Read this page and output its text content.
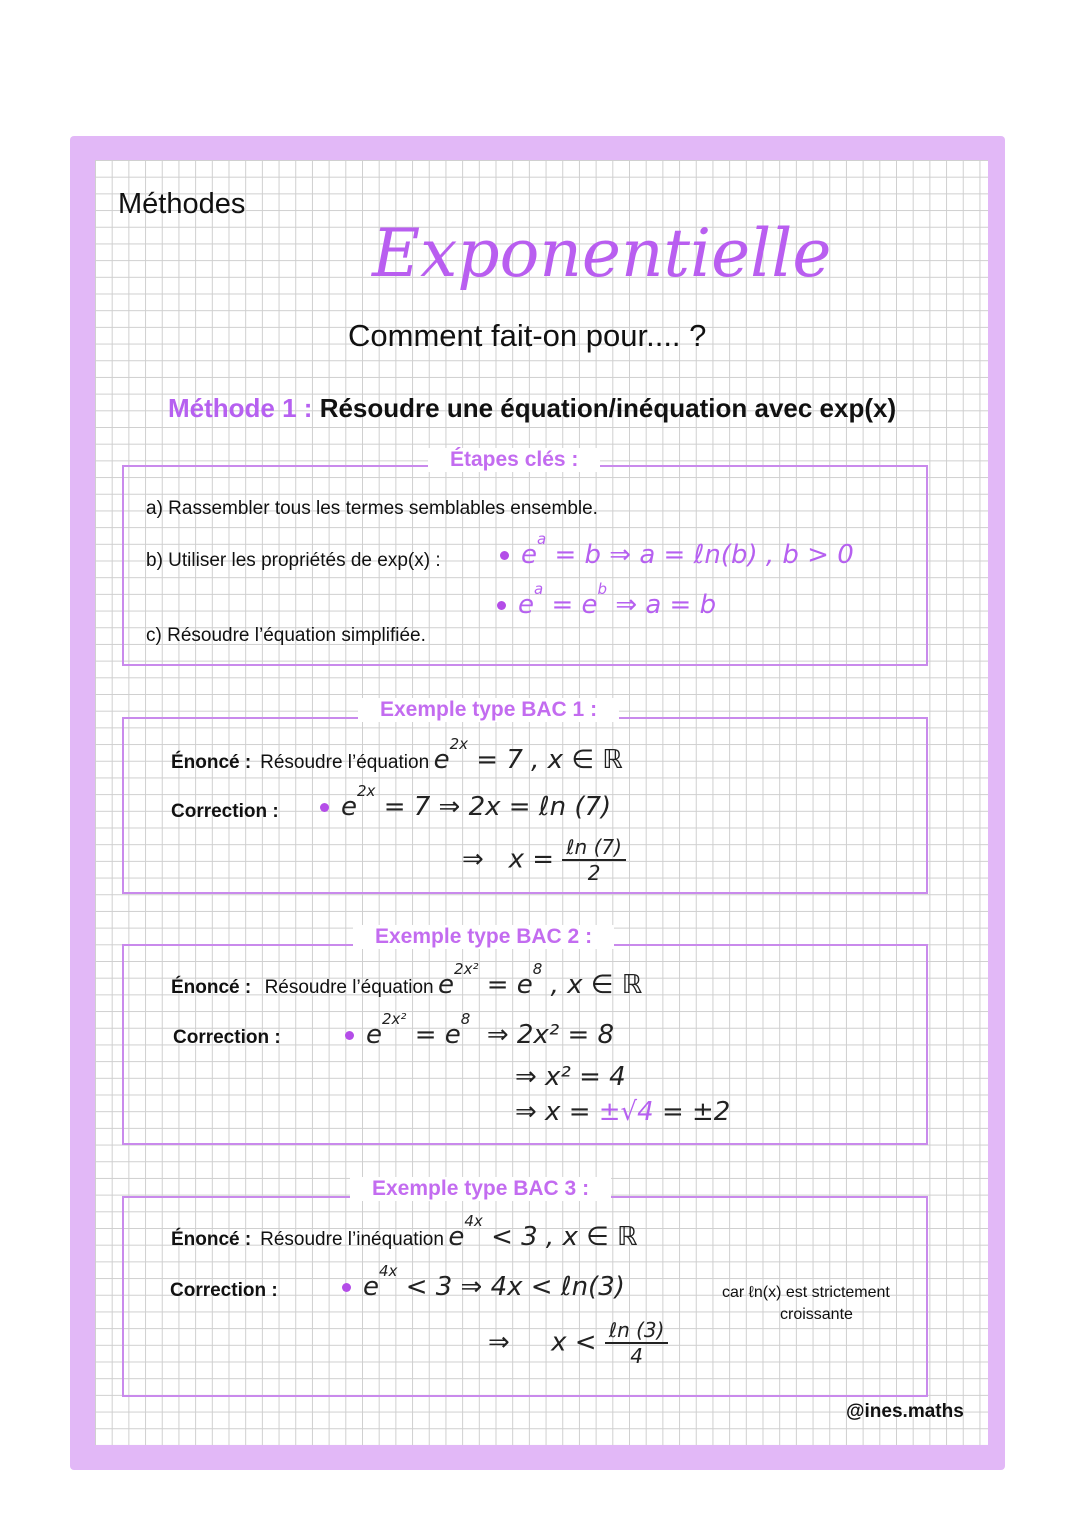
Méthodes
Exponentielle
Comment fait-on pour.... ?
Méthode 1 : Résoudre une équation/inéquation avec exp(x)
Étapes clés :
a) Rassembler tous les termes semblables ensemble.
b) Utiliser les propriétés de exp(x) :
c) Résoudre l’équation simplifiée.
$e^a = b$ ⇒ a = ℓn(b) , b > 0
$e^a = e^b$ ⇒ a = b
Exemple type BAC 1 :
Énoncé : Résoudre l’équation $e^{2x} = 7$ , x ∈ ℝ
Correction :	$e^{2x} = 7$ ⇒ 2x = ℓn (7)
⇒ $x = \frac{\text{ℓn (7)}}{2}$
Exemple type BAC 2 :
Énoncé : Résoudre l’équation $e^{2x^2} = e^8$ , x ∈ ℝ
Correction :	$e^{2x^2} = e^8$  ⇒ 2x² = 8
⇒ x² = 4
⇒ x = ±√4 = ±2
Exemple type BAC 3 :
Énoncé : Résoudre l’inéquation $e^{4x} < 3$ , x ∈ ℝ
Correction :	$e^{4x} < 3$ ⇒ 4x < ℓn(3)	car ℓn(x) est strictement
croissante
⇒ $x < \frac{\text{ℓn (3)}}{4}$
@ines.maths
